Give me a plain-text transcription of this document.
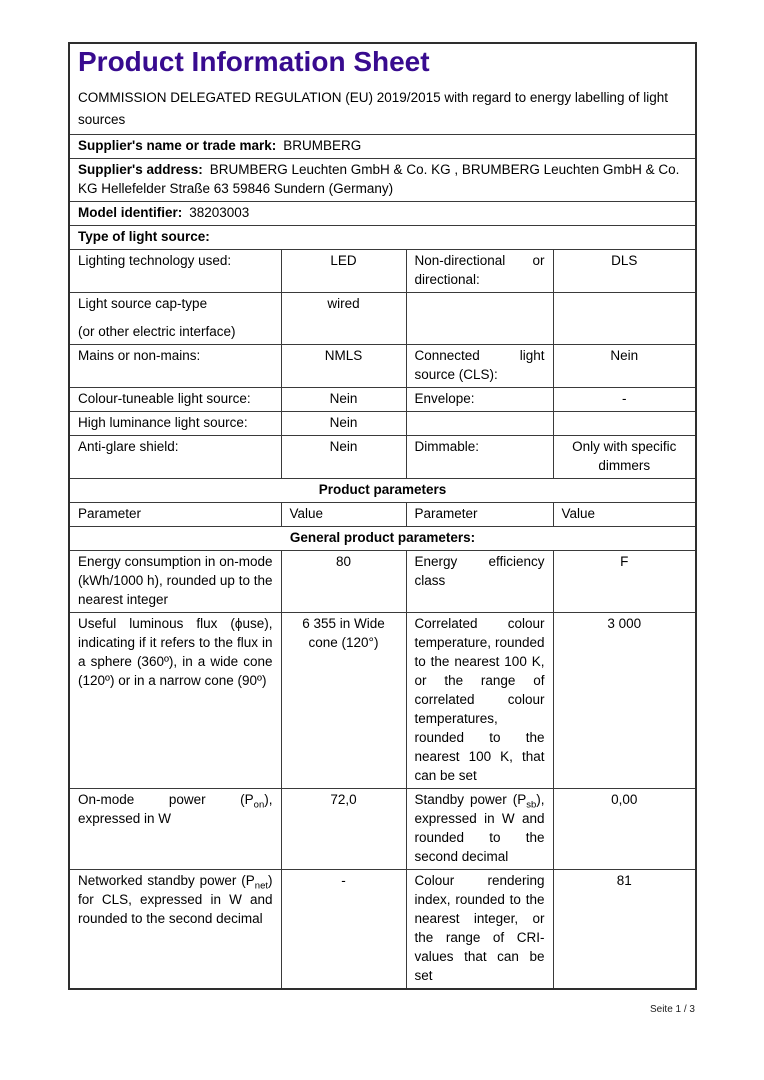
Product Information Sheet
COMMISSION DELEGATED REGULATION (EU) 2019/2015 with regard to energy labelling of light sources

Supplier's name or trade mark: BRUMBERG			
Supplier's address: BRUMBERG Leuchten GmbH & Co. KG , BRUMBERG Leuchten GmbH & Co. KG Hellefelder Straße 63 59846 Sundern (Germany)			
Model identifier: 38203003			
Type of light source:			
Lighting technology used:	LED	Non-directional or directional:	DLS

Light source cap-type
(or other electric interface)	wired		
Mains or non-mains:	NMLS	Connected light source (CLS):	Nein
Colour-tuneable light source:	Nein	Envelope:	-
High luminance light source:	Nein		
Anti-glare shield:	Nein	Dimmable:	Only with specific dimmers
Product parameters			
Parameter	Value	Parameter	Value
General product parameters:			
Energy consumption in on-mode (kWh/1000 h), rounded up to the nearest integer	80	Energy efficiency class	F
Useful luminous flux (ϕuse), indicating if it refers to the flux in a sphere (360º), in a wide cone (120º) or in a narrow cone (90º)	6 355 in Wide cone (120°)	Correlated colour temperature, rounded to the nearest 100 K, or the range of correlated colour temperatures, rounded to the nearest 100 K, that can be set	3 000
On-mode power $(P_{on})$, expressed in W	72,0	Standby power $(P_{sb})$, expressed in W and rounded to the second decimal	0,00
Networked standby power $(P_{net})$ for CLS, expressed in W and rounded to the second decimal	-	Colour rendering index, rounded to the nearest integer, or the range of CRI-values that can be set	81
Seite 1 / 3
